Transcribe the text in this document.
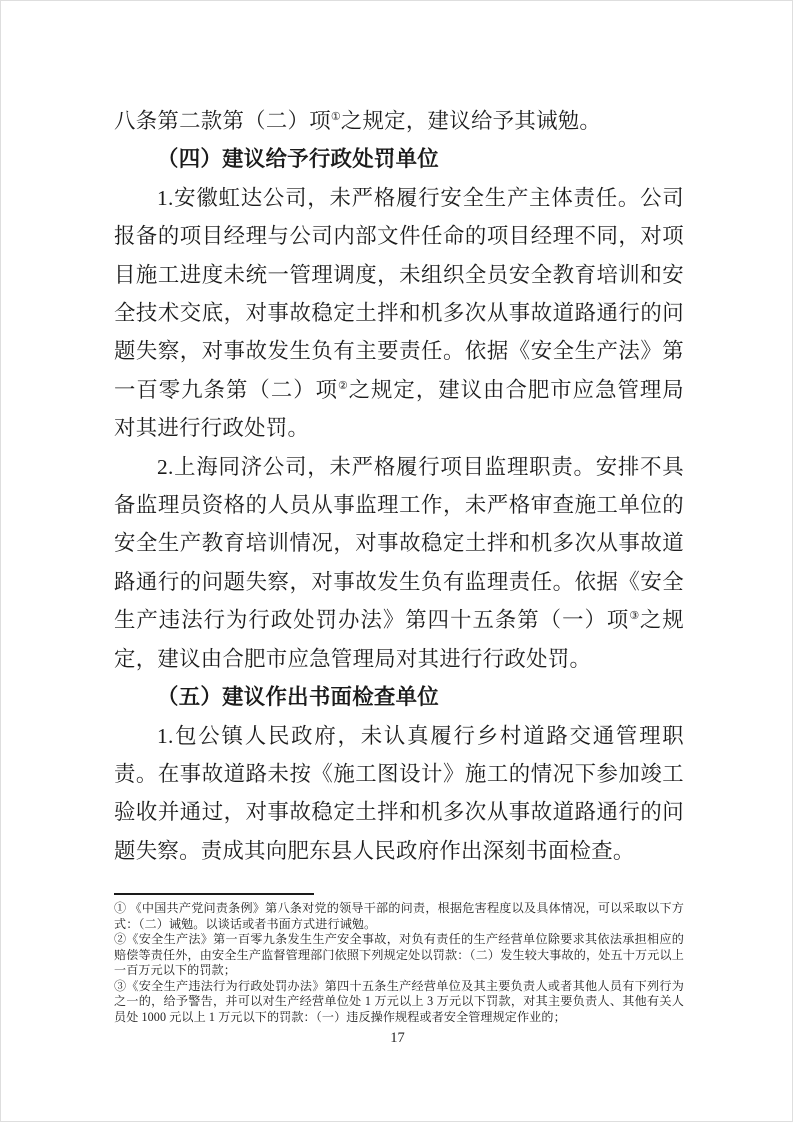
八条第二款第（二）项①之规定，建议给予其诫勉。

（四）建议给予行政处罚单位

1.安徽虹达公司，未严格履行安全生产主体责任。公司报备的项目经理与公司内部文件任命的项目经理不同，对项目施工进度未统一管理调度，未组织全员安全教育培训和安全技术交底，对事故稳定土拌和机多次从事故道路通行的问题失察，对事故发生负有主要责任。依据《安全生产法》第一百零九条第（二）项②之规定，建议由合肥市应急管理局对其进行行政处罚。

2.上海同济公司，未严格履行项目监理职责。安排不具备监理员资格的人员从事监理工作，未严格审查施工单位的安全生产教育培训情况，对事故稳定土拌和机多次从事故道路通行的问题失察，对事故发生负有监理责任。依据《安全生产违法行为行政处罚办法》第四十五条第（一）项③之规定，建议由合肥市应急管理局对其进行行政处罚。

（五）建议作出书面检查单位

1.包公镇人民政府，未认真履行乡村道路交通管理职责。在事故道路未按《施工图设计》施工的情况下参加竣工验收并通过，对事故稳定土拌和机多次从事故道路通行的问题失察。责成其向肥东县人民政府作出深刻书面检查。

① 《中国共产党问责条例》第八条对党的领导干部的问责，根据危害程度以及具体情况，可以采取以下方式：（二）诫勉。以谈话或者书面方式进行诫勉。

②《安全生产法》第一百零九条发生生产安全事故，对负有责任的生产经营单位除要求其依法承担相应的赔偿等责任外，由安全生产监督管理部门依照下列规定处以罚款：（二）发生较大事故的，处五十万元以上一百万元以下的罚款；

③《安全生产违法行为行政处罚办法》第四十五条生产经营单位及其主要负责人或者其他人员有下列行为之一的，给予警告，并可以对生产经营单位处 1 万元以上 3 万元以下罚款，对其主要负责人、其他有关人员处 1000 元以上 1 万元以下的罚款：（一）违反操作规程或者安全管理规定作业的；

17
